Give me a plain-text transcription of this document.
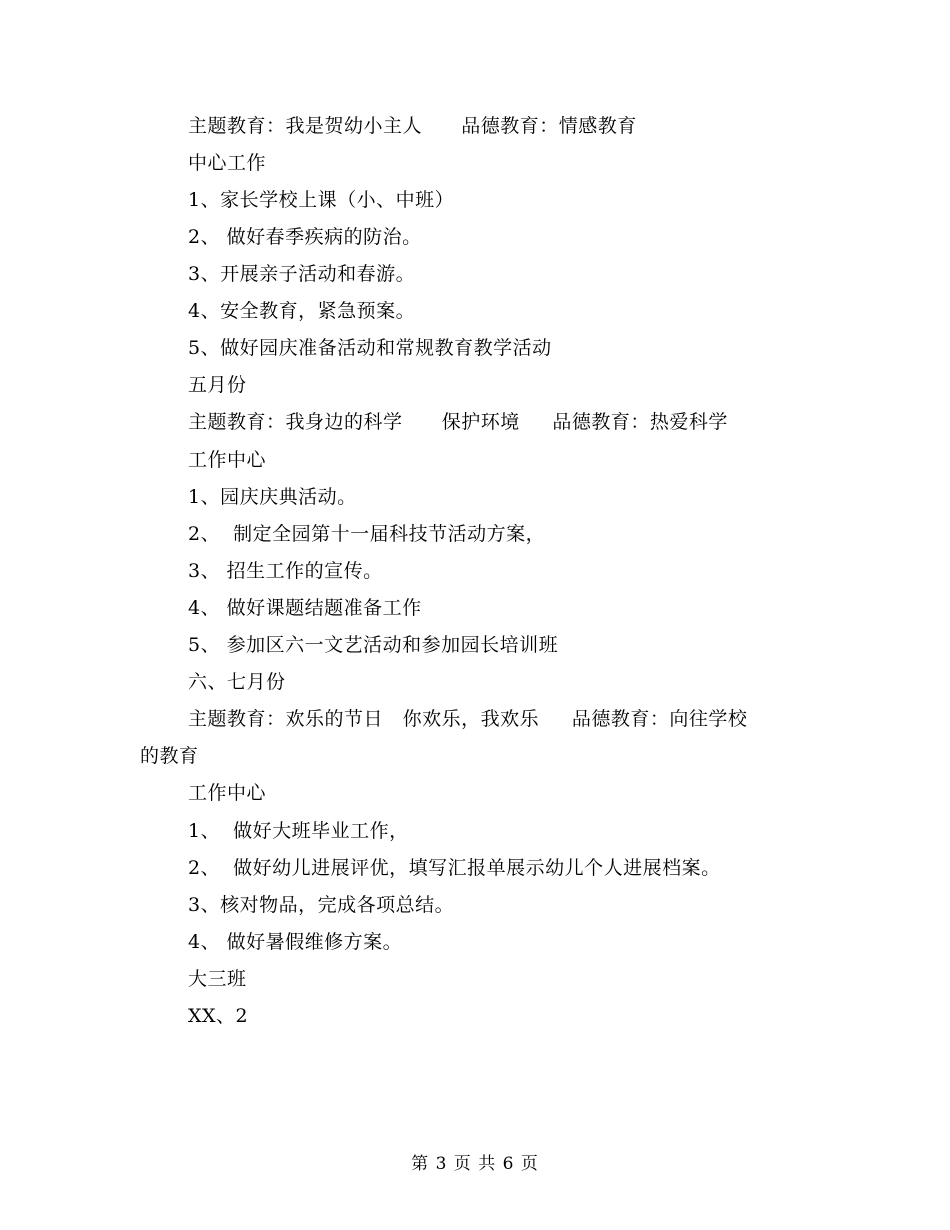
主题教育：我是贺幼小主人      品德教育：情感教育
中心工作
1、家长学校上课（小、中班）
2、 做好春季疾病的防治。
3、开展亲子活动和春游。
4、安全教育，紧急预案。
5、做好园庆准备活动和常规教育教学活动
五月份
主题教育：我身边的科学      保护环境     品德教育：热爱科学
工作中心
1、园庆庆典活动。
2、  制定全园第十一届科技节活动方案，
3、 招生工作的宣传。
4、 做好课题结题准备工作
5、 参加区六一文艺活动和参加园长培训班
六、七月份
主题教育：欢乐的节日   你欢乐，我欢乐     品德教育：向往学校
的教育
工作中心
1、  做好大班毕业工作，
2、  做好幼儿进展评优，填写汇报单展示幼儿个人进展档案。
3、核对物品，完成各项总结。
4、 做好暑假维修方案。
大三班
XX、2
第 3 页 共 6 页
